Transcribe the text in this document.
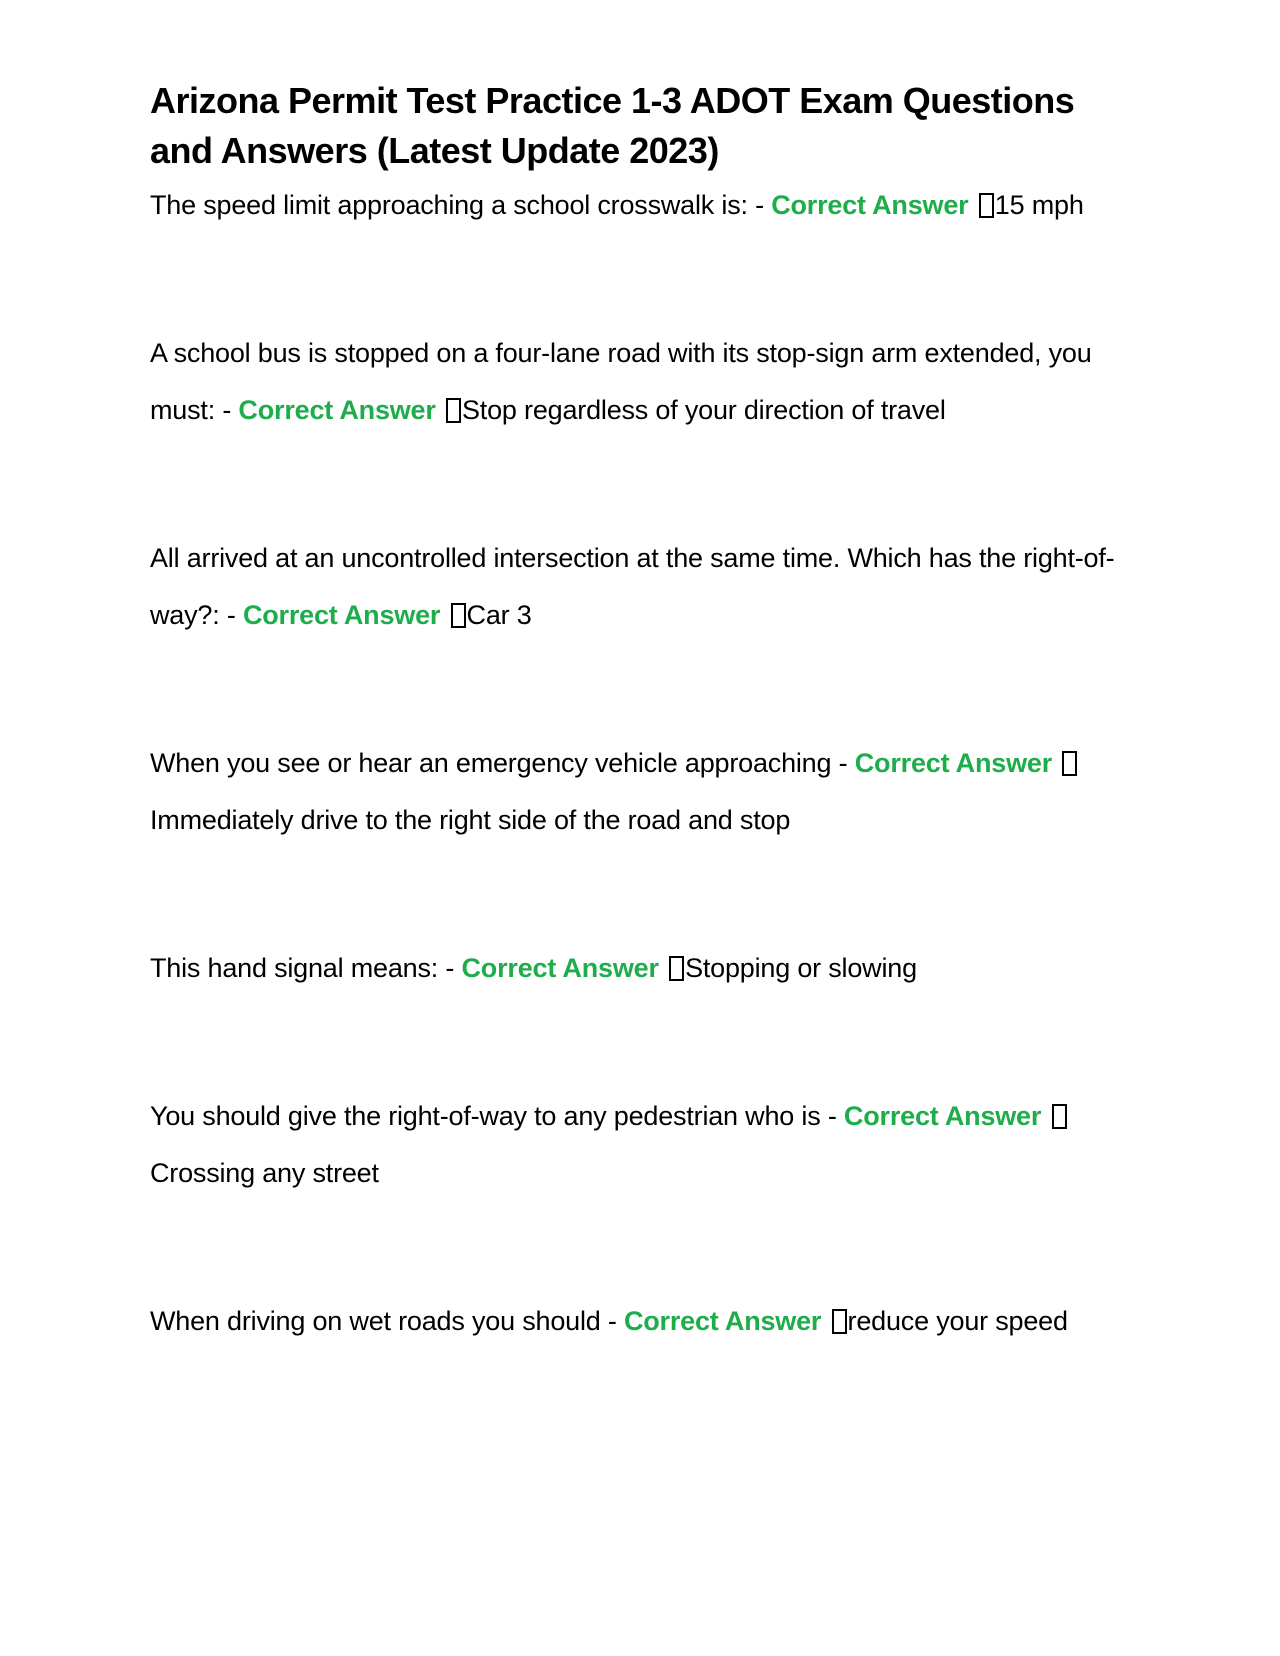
Arizona Permit Test Practice 1-3 ADOT Exam Questions and Answers (Latest Update 2023)

The speed limit approaching a school crosswalk is: - Correct Answer 15 mph

A school bus is stopped on a four-lane road with its stop-sign arm extended, you must: - Correct Answer Stop regardless of your direction of travel

All arrived at an uncontrolled intersection at the same time. Which has the right-of-way?: - Correct Answer Car 3

When you see or hear an emergency vehicle approaching - Correct Answer Immediately drive to the right side of the road and stop

This hand signal means: - Correct Answer Stopping or slowing

You should give the right-of-way to any pedestrian who is - Correct Answer Crossing any street

When driving on wet roads you should - Correct Answer reduce your speed
